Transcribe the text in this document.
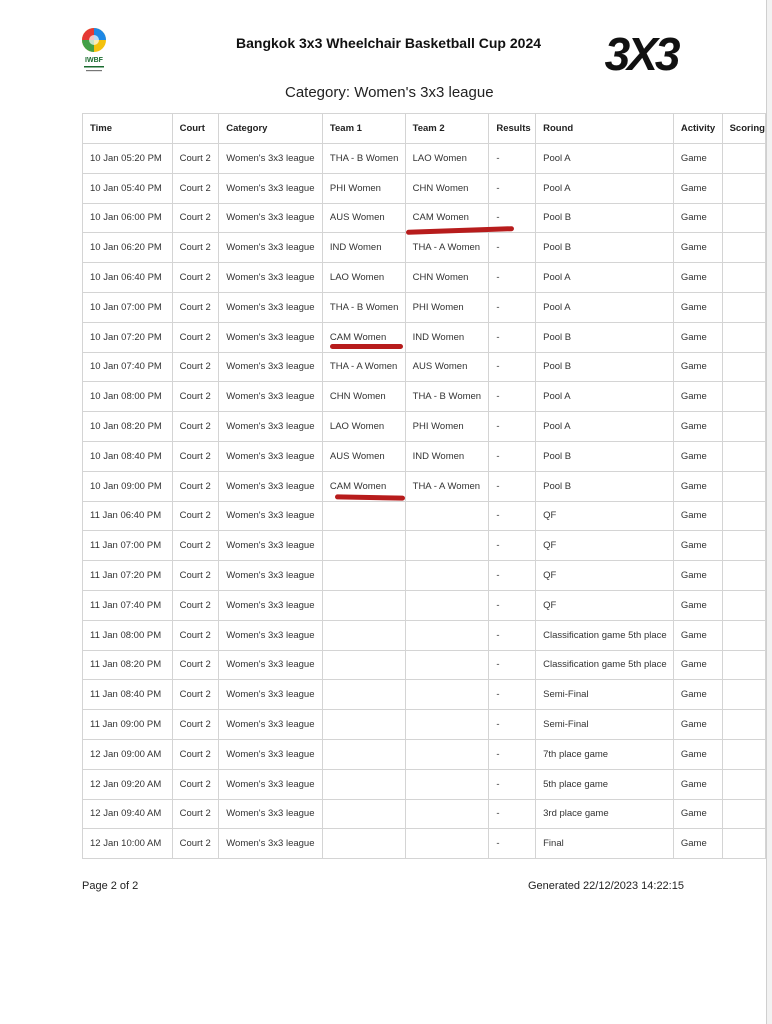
IWBF
Bangkok 3x3 Wheelchair Basketball Cup 2024 3X3
Category: Women's 3x3 league
Time	Court	Category	Team 1	Team 2	Results	Round	Activity	Scoring
10 Jan 05:20 PM	Court 2	Women's 3x3 league	THA - B Women	LAO Women	-	Pool A	Game	
10 Jan 05:40 PM	Court 2	Women's 3x3 league	PHI Women	CHN Women	-	Pool A	Game	
10 Jan 06:00 PM	Court 2	Women's 3x3 league	AUS Women	CAM Women	-	Pool B	Game	
10 Jan 06:20 PM	Court 2	Women's 3x3 league	IND Women	THA - A Women	-	Pool B	Game	
10 Jan 06:40 PM	Court 2	Women's 3x3 league	LAO Women	CHN Women	-	Pool A	Game	
10 Jan 07:00 PM	Court 2	Women's 3x3 league	THA - B Women	PHI Women	-	Pool A	Game	
10 Jan 07:20 PM	Court 2	Women's 3x3 league	CAM Women	IND Women	-	Pool B	Game	
10 Jan 07:40 PM	Court 2	Women's 3x3 league	THA - A Women	AUS Women	-	Pool B	Game	
10 Jan 08:00 PM	Court 2	Women's 3x3 league	CHN Women	THA - B Women	-	Pool A	Game	
10 Jan 08:20 PM	Court 2	Women's 3x3 league	LAO Women	PHI Women	-	Pool A	Game	
10 Jan 08:40 PM	Court 2	Women's 3x3 league	AUS Women	IND Women	-	Pool B	Game	
10 Jan 09:00 PM	Court 2	Women's 3x3 league	CAM Women	THA - A Women	-	Pool B	Game	
11 Jan 06:40 PM	Court 2	Women's 3x3 league			-	QF	Game	
11 Jan 07:00 PM	Court 2	Women's 3x3 league			-	QF	Game	
11 Jan 07:20 PM	Court 2	Women's 3x3 league			-	QF	Game	
11 Jan 07:40 PM	Court 2	Women's 3x3 league			-	QF	Game	
11 Jan 08:00 PM	Court 2	Women's 3x3 league			-	Classification game 5th place	Game	
11 Jan 08:20 PM	Court 2	Women's 3x3 league			-	Classification game 5th place	Game	
11 Jan 08:40 PM	Court 2	Women's 3x3 league			-	Semi-Final	Game	
11 Jan 09:00 PM	Court 2	Women's 3x3 league			-	Semi-Final	Game	
12 Jan 09:00 AM	Court 2	Women's 3x3 league			-	7th place game	Game	
12 Jan 09:20 AM	Court 2	Women's 3x3 league			-	5th place game	Game	
12 Jan 09:40 AM	Court 2	Women's 3x3 league			-	3rd place game	Game	
12 Jan 10:00 AM	Court 2	Women's 3x3 league			-	Final	Game	
Page 2 of 2	Generated 22/12/2023 14:22:15
